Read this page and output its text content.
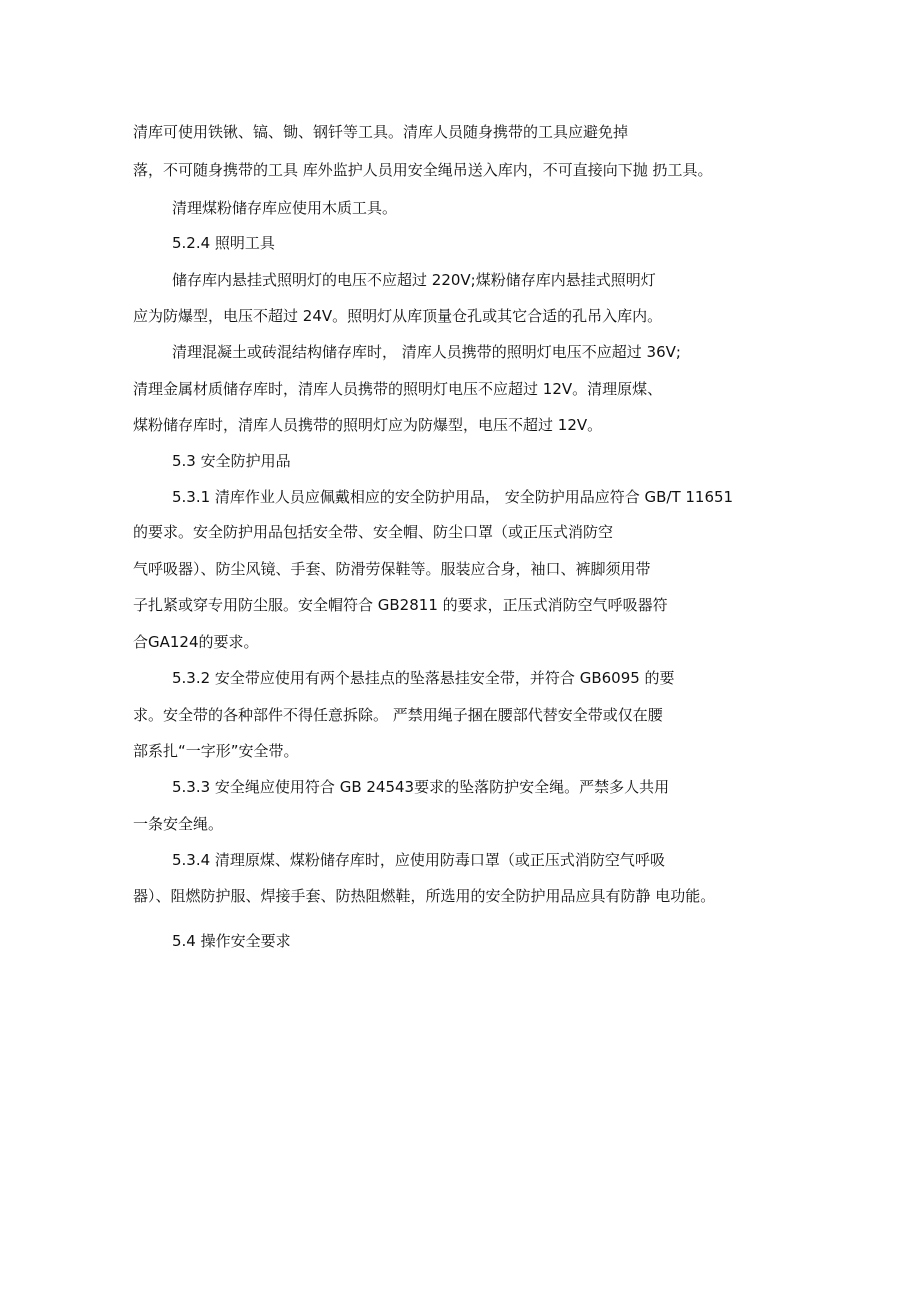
清库可使用铁锹、镐、锄、钢钎等工具。清库人员随身携带的工具应避免掉
落，不可随身携带的工具 库外监护人员用安全绳吊送入库内，不可直接向下抛 扔工具。
清理煤粉储存库应使用木质工具。
5.2.4 照明工具
储存库内悬挂式照明灯的电压不应超过 220V;煤粉储存库内悬挂式照明灯
应为防爆型，电压不超过 24V。照明灯从库顶量仓孔或其它合适的孔吊入库内。
清理混凝土或砖混结构储存库时， 清库人员携带的照明灯电压不应超过 36V;
清理金属材质储存库时，清库人员携带的照明灯电压不应超过 12V。清理原煤、
煤粉储存库时，清库人员携带的照明灯应为防爆型，电压不超过 12V。
5.3 安全防护用品
5.3.1 清库作业人员应佩戴相应的安全防护用品， 安全防护用品应符合 GB/T 11651
的要求。安全防护用品包括安全带、安全帽、防尘口罩（或正压式消防空
气呼吸器）、防尘风镜、手套、防滑劳保鞋等。服装应合身，袖口、裤脚须用带
子扎紧或穿专用防尘服。安全帽符合 GB2811 的要求，正压式消防空气呼吸器符
合GA124的要求。
5.3.2 安全带应使用有两个悬挂点的坠落悬挂安全带，并符合 GB6095 的要
求。安全带的各种部件不得任意拆除。 严禁用绳子捆在腰部代替安全带或仅在腰
部系扎“一字形”安全带。
5.3.3 安全绳应使用符合 GB 24543要求的坠落防护安全绳。严禁多人共用
一条安全绳。
5.3.4 清理原煤、煤粉储存库时，应使用防毒口罩（或正压式消防空气呼吸
器）、阻燃防护服、焊接手套、防热阻燃鞋，所选用的安全防护用品应具有防静 电功能。
5.4 操作安全要求
